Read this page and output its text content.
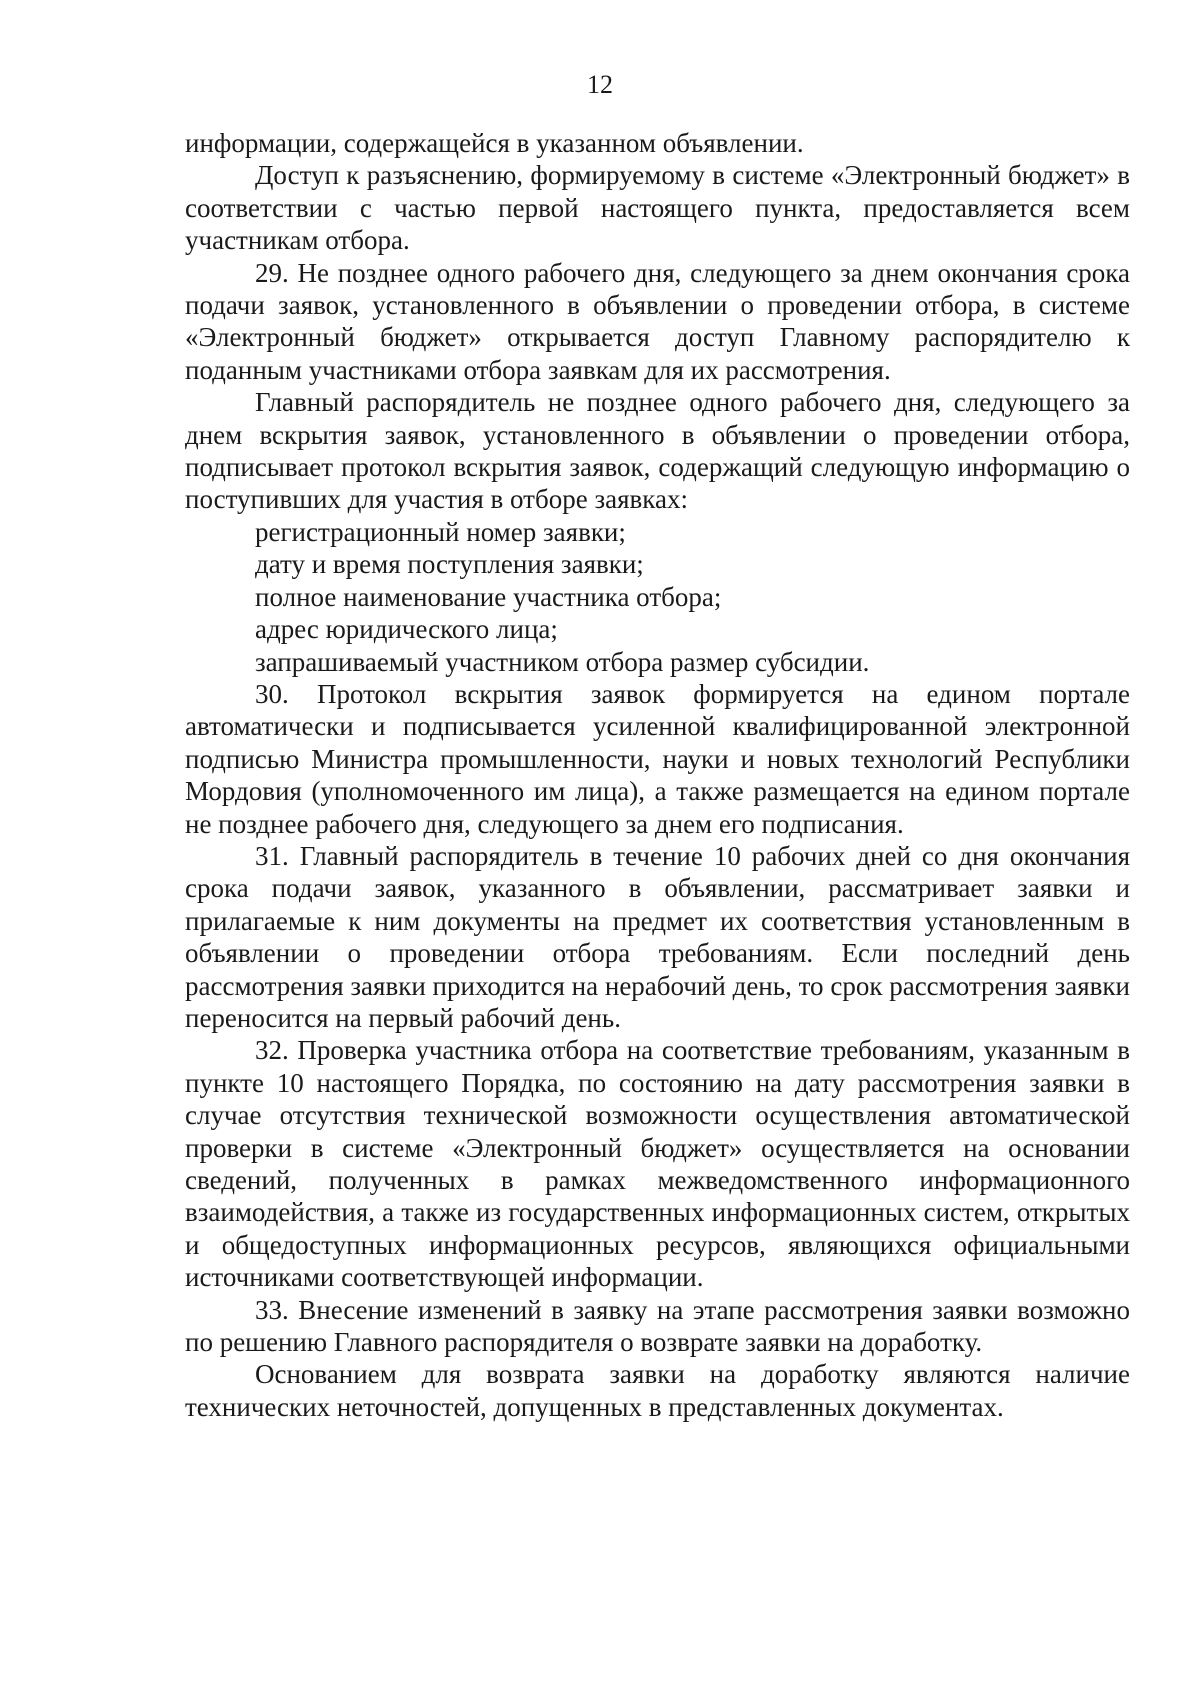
12

информации, содержащейся в указанном объявлении.

Доступ к разъяснению, формируемому в системе «Электронный бюджет» в соответствии с частью первой настоящего пункта, предоставляется всем участникам отбора.

29. Не позднее одного рабочего дня, следующего за днем окончания срока подачи заявок, установленного в объявлении о проведении отбора, в системе «Электронный бюджет» открывается доступ Главному распорядителю к поданным участниками отбора заявкам для их рассмотрения.

Главный распорядитель не позднее одного рабочего дня, следующего за днем вскрытия заявок, установленного в объявлении о проведении отбора, подписывает протокол вскрытия заявок, содержащий следующую информацию о поступивших для участия в отборе заявках:

регистрационный номер заявки;

дату и время поступления заявки;

полное наименование участника отбора;

адрес юридического лица;

запрашиваемый участником отбора размер субсидии.

30. Протокол вскрытия заявок формируется на едином портале автоматически и подписывается усиленной квалифицированной электронной подписью Министра промышленности, науки и новых технологий Республики Мордовия (уполномоченного им лица), а также размещается на едином портале не позднее рабочего дня, следующего за днем его подписания.

31. Главный распорядитель в течение 10 рабочих дней со дня окончания срока подачи заявок, указанного в объявлении, рассматривает заявки и прилагаемые к ним документы на предмет их соответствия установленным в объявлении о проведении отбора требованиям. Если последний день рассмотрения заявки приходится на нерабочий день, то срок рассмотрения заявки переносится на первый рабочий день.

32. Проверка участника отбора на соответствие требованиям, указанным в пункте 10 настоящего Порядка, по состоянию на дату рассмотрения заявки в случае отсутствия технической возможности осуществления автоматической проверки в системе «Электронный бюджет» осуществляется на основании сведений, полученных в рамках межведомственного информационного взаимодействия, а также из государственных информационных систем, открытых и общедоступных информационных ресурсов, являющихся официальными источниками соответствующей информации.

33. Внесение изменений в заявку на этапе рассмотрения заявки возможно по решению Главного распорядителя о возврате заявки на доработку.

Основанием для возврата заявки на доработку являются наличие технических неточностей, допущенных в представленных документах.
